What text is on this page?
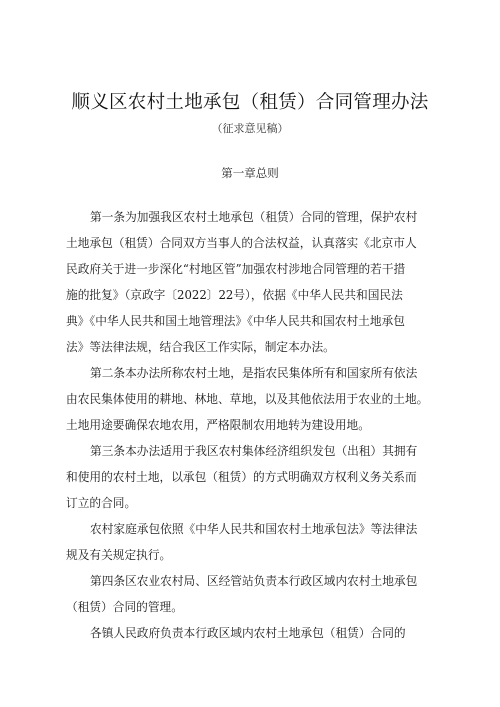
顺义区农村土地承包（租赁）合同管理办法
（征求意见稿）
第一章总则
第一条为加强我区农村土地承包（租赁）合同的管理，保护农村
土地承包（租赁）合同双方当事人的合法权益，认真落实《北京市人
民政府关于进一步深化“村地区管”加强农村涉地合同管理的若干措
施的批复》（京政字〔2022〕22号），依据《中华人民共和国民法
典》《中华人民共和国土地管理法》《中华人民共和国农村土地承包
法》等法律法规，结合我区工作实际，制定本办法。
第二条本办法所称农村土地，是指农民集体所有和国家所有依法
由农民集体使用的耕地、林地、草地，以及其他依法用于农业的土地。
土地用途要确保农地农用，严格限制农用地转为建设用地。
第三条本办法适用于我区农村集体经济组织发包（出租）其拥有
和使用的农村土地，以承包（租赁）的方式明确双方权利义务关系而
订立的合同。
农村家庭承包依照《中华人民共和国农村土地承包法》等法律法
规及有关规定执行。
第四条区农业农村局、区经管站负责本行政区域内农村土地承包
（租赁）合同的管理。
各镇人民政府负责本行政区域内农村土地承包（租赁）合同的
